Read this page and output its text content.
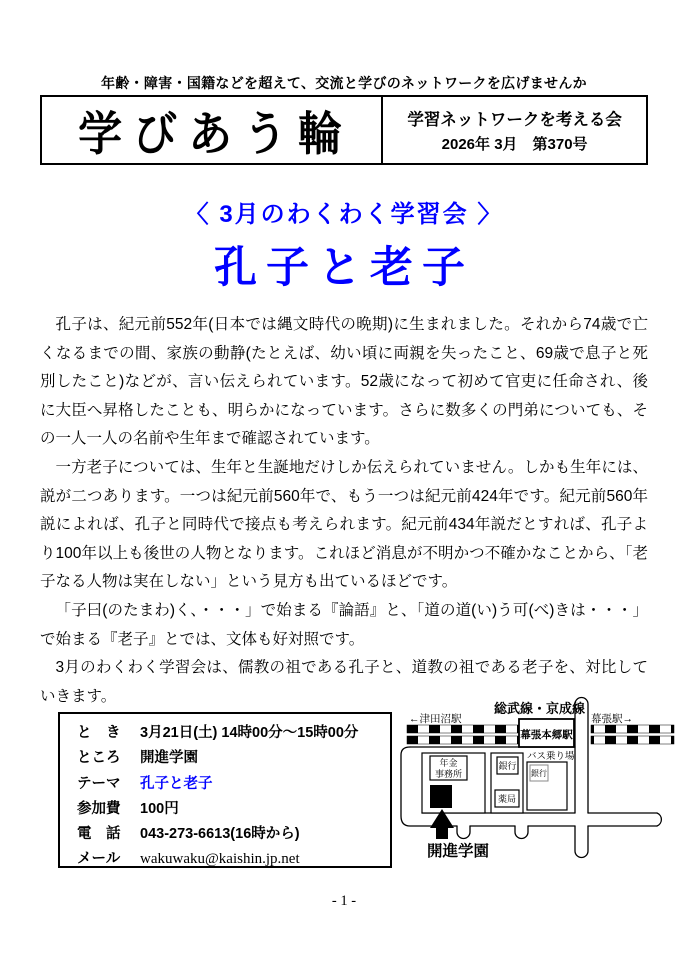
年齢・障害・国籍などを超えて、交流と学びのネットワークを広げませんか
学びあう輪	学習ネットワークを考える会
2026年 3月　第370号
〈 3月のわくわく学習会 〉
孔子と老子

孔子は、紀元前552年(日本では縄文時代の晩期)に生まれました。それから74歳で亡くなるまでの間、家族の動静(たとえば、幼い頃に両親を失ったこと、69歳で息子と死別したこと)などが、言い伝えられています。52歳になって初めて官吏に任命され、後に大臣へ昇格したことも、明らかになっています。さらに数多くの門弟についても、その一人一人の名前や生年まで確認されています。

一方老子については、生年と生誕地だけしか伝えられていません。しかも生年には、説が二つあります。一つは紀元前560年で、もう一つは紀元前424年です。紀元前560年説によれば、孔子と同時代で接点も考えられます。紀元前434年説だとすれば、孔子より100年以上も後世の人物となります。これほど消息が不明かつ不確かなことから、「老子なる人物は実在しない」という見方も出ているほどです。

「子曰(のたまわ)く、・・・」で始まる『論語』と、「道の道(い)う可(べ)きは・・・」で始まる『老子』とでは、文体も好対照です。

3月のわくわく学習会は、儒教の祖である孔子と、道教の祖である老子を、対比していきます。

と　き	3月21日(土) 14時00分～15時00分
ところ	開進学園
テーマ	孔子と老子
参加費	100円
電　話	043-273-6613(16時から)
メール	wakuwaku@kaishin.jp.net
←津田沼駅
総武線・京成線
幕張駅→
幕張本郷駅
年金
事務所
銀行
薬局
バス乗り場
銀行
開進学園
- 1 -
